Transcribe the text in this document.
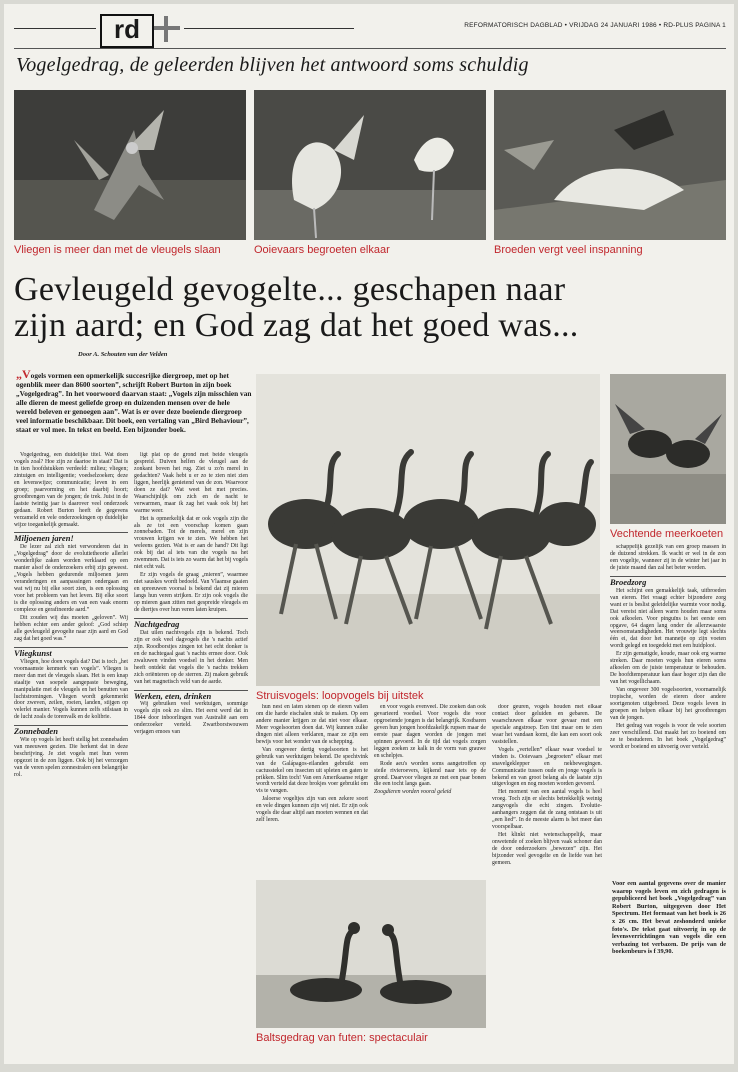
rd	REFORMATORISCH DAGBLAD • VRIJDAG 24 JANUARI 1986 • RD-PLUS PAGINA 1
Vogelgedrag, de geleerden blijven het antwoord soms schuldig
Vliegen is meer dan met de vleugels slaan	Ooievaars begroeten elkaar	Broeden vergt veel inspanning
Gevleugeld gevogelte... geschapen naar
zijn aard; en God zag dat het goed was...
Door A. Schouten van der Velden
„Vogels vormen een opmerkelijk succesrijke diergroep, met op het ogenblik meer dan 8600 soorten”, schrijft Robert Burton in zijn boek „Vogelgedrag”. In het voorwoord daarvan staat: „Vogels zijn misschien van alle dieren de meest geliefde groep en duizenden mensen over de hele wereld beleven er genoegen aan”. Wat is er over deze boeiende diergroep veel informatie beschikbaar. Dit boek, een vertaling van „Bird Behaviour”, staat er vol mee. In tekst en beeld. Een bijzonder boek.

Vogelgedrag, een duidelijke titel. Wat doen vogels zoal? Hoe zijn ze daartoe in staat? Dat is in tien hoofdstukken verdeeld: milieu; vliegen; zintuigen en intelligentie; voedselzoeken; deze en levenswijze; communicatie; leven in een groep; paarvorming en het daarbij hoort; grootbrengen van de jongen; de trek. Juist in de laatste twintig jaar is daarover veel onderzoek gedaan. Robert Burton heeft de gegevens verzameld en vele onderzoekingen op duidelijke wijze toegankelijk gemaakt.

Miljoenen jaren!

De lezer zal zich niet verwonderen dat in „Vogelgedrag” door de evolutietheorie allerlei wonderlijke zaken worden verklaard op een manier alsof de onderzoekers erbij zijn geweest. „Vogels hebben gedurende miljoenen jaren veranderingen en aanpassingen ondergaan en wat wij nu bij elke soort zien, is een oplossing voor het probleem van het leven. Bij elke soort is die oplossing anders en van een vaak enorm complexe en gerafineerde aard.”

Dit zouden wij dus moeten „geloven”. Wij hebben echter een ander geloof: „God schiep alle gevleugeld gevogelte naar zijn aard en God zag dat het goed was.”

Vliegkunst

Vliegen, hoe doen vogels dat? Dat is toch „het voornaamste kenmerk van vogels”. Vliegen is meer dan met de vleugels slaan. Het is een knap staaltje van soepele aangepaste beweging, manipulatie met de vleugels en het benutten van luchtstromingen. Vliegen wordt gekenmerkt door zweven, zeilen, roeien, landen, stijgen op velerlei manier. Vogels kunnen zelfs stilstaan in de lucht zoals de torenvalk en de kolibrie.

Zonnebaden

Wie op vogels let heeft stellig het zonnebaden van meeuwen gezien. Die herkent dat in deze beschrijving. Je ziet vogels met hun veren opgezet in de zon liggen. Ook bij het verzorgen van de veren spelen zonnestralen een belangrijke rol.

ligt plat op de grond met beide vleugels gespreid. Duiven helfen de vleugel aan de zonkant boven het rug. Ziet u zo'n merel in gedachten? Vaak hebt u er zo te zien niet zien liggen, heerlijk genietend van de zon. Waarvoor doen ze dat? Wat weet het met precies. Waarschijnlijk om zich en de nacht te verwarmen, maar ik zag het vaak ook bij het warme weer.

Het is opmerkelijk dat er ook vogels zijn die als ze tot een voorschap komen gaan zonnebaden. Tot de merels, merel en zijn vrouwen krijgen we te zien. We hebben het weleens gezien. Wat is er aan de hand? Dit ligt ook bij dat al iets van die vogels na het zwemmen. Dat is iets zo warm dat het bij vogels niet echt valt.

Er zijn vogels de graag „mieren”, waarmee niet sauskes wordt bedoeld. Van Vlaamse gaaien en spreeuwen voorsal is bekend dat zij mieren langs hun veren strijken. Er zijn ook vogels die op mieren gaan zitten met gespreide vleugels en de diertjes over hun veren laten kruipen.

Nachtgedrag

Dat uilen nachtvogels zijn is bekend. Toch zijn er ook veel dagvogels die 's nachts actief zijn. Roodborstjes zingen tot het echt donker is en de nachtegaal gaat 's nachts ermee door. Ook zwaluwen vinden voedsel in het donker. Men heeft ontdekt dat vogels die 's nachts trekken zich oriënteren op de sterren. Zij maken gebruik van het magnetisch veld van de aarde.

Werken, eten, drinken

Wij gebruiken veel werktuigen, sommige vogels zijn ook zo slim. Het eerst werd dat in 1844 door inboorlingen van Australië aan een onderzoeker verteld. Zwartborstwouwen verjagen emoes van

Struisvogels: loopvogels bij uitstek

hun nest en laten stenen op de eieren vallen om die harde eischalen stuk te maken. Op een andere manier krijgen ze dat niet voor elkaar. Meer vogelsoorten doen dat. Wij kunnen zulke dingen niet alleen verklaren, maar ze zijn een bewijs voor het wonder van de schepping.

Van ongeveer dertig vogelsoorten is het gebruik van werktuigen bekend. De spechtvink van de Galápagos-eilanden gebruikt een cactusstekel om insecten uit spleten en gaten te prikken. Slim toch! Van een Amerikaanse reiger wordt verteld dat deze brokjes voer gebruikt om vis te vangen.

Jaloerse vogeltjes zijn van een zekere soort en vele dingen kunnen zijn wij niet. Er zijn ook vogels die daar altijd aan moeten wennen en dat zelf leren.

en voor vogels evenveel. Die zoeken dan ook gevarieerd voedsel. Voor vogels die voor opgroeiende jongen is dat belangrijk. Kostbaren geven hun jongen hoofdzakelijk rupsen maar de eerste paar dagen worden de jongen met spinnen gevoerd. In de tijd dat vogels zorgen leggen zoeken ze kalk in de vorm van grauwe en schelpjes.

Rode aeu's worden soms aangetroffen op steile rivieroevers, kijkend naar iets op de grond. Daarvoor vliegen ze met een paar bonen die een tocht langs gaan.

Zoogdieren worden vooral geleid

Baltsgedrag van futen: spectaculair

door geuren, vogels houden met elkaar contact door geluiden en gebaren. De waarschuwen elkaar voor gevaar met een speciale angstroep. Een tint maar om te zien waar het vandaan komt, die kan een soort ook vaststellen.

Vogels „vertellen” elkaar waar voedsel te vinden is. Ooievaars „begroeten” elkaar met snavelgeklepper en nekbewegingen. Communicatie tussen oude en jonge vogels is bekend en van groot belang als de laatste zijn uitgevlogen en nog moeten worden gevoerd.

Het moment van een aantal vogels is heel vroeg. Toch zijn er slechts betrekkelijk weinig zangvogels die echt zingen. Evolutie-aanhangers zeggen dat de zang ontstaan is uit „een lied”. In de meeste alarm is het meer dan voorspelbaar.

Het klinkt niet wetenschappelijk, maar onwetende of zoeken blijven vaak schoner dan de door onderzoekers „bewezen” zijn. Het bijzonder veel gevogelte en de liefde van het gemeen.

Vechtende meerkoeten

schappelijk gezelijk van een groep massen in de duizend strekken. Ik wacht er wel in de zon een vogeltje, wanneer zij in de winter het jaar in de juiste maand dan zal het beter worden.

Broedzorg

Het schijnt een gemakkelijk taak, uitbroeden van eieren. Het vraagt echter bijzondere zorg want er is beslist geleidelijke warmte voor nodig. Dat vereist niet alleen warm houden maar soms ook afkoelen. Voor pinguïns is het eerste een opgave, 64 dagen lang onder de allerzwaarste weersomstandigheden. Het vrouwtje legt slechts één ei, dat door het mannetje op zijn voeten wordt gelegd en toegedekt met een huidplooi.

Er zijn gematigde, koude, maar ook erg warme streken. Daar moeten vogels hun eieren soms afkoelen om de juiste temperatuur te behouden. De hoofdtemperatuur kan daar hoger zijn dan die van het vogellichaam.

Van ongeveer 300 vogelsoorten, voornamelijk tropische, worden de eieren door andere soortgenoten uitgebroed. Deze vogels leven in groepen en helpen elkaar bij het grootbrengen van de jongen.

Het gedrag van vogels is voor de vele soorten zeer verschillend. Dat maakt het zo boeiend om ze te bestuderen. In het boek „Vogelgedrag” wordt er boeiend en uitvoerig over verteld.

Voor een aantal gegevens over de manier waarop vogels leven en zich gedragen is gepubliceerd het boek „Vogelgedrag” van Robert Burton, uitgegeven door Het Spectrum. Het formaat van het boek is 26 x 26 cm. Het bevat zeshonderd unieke foto's. De tekst gaat uitvoerig in op de levensverrichtingen van vogels die een verbazing tot verbazen. De prijs van de boekenbeurs is f 39,90.
